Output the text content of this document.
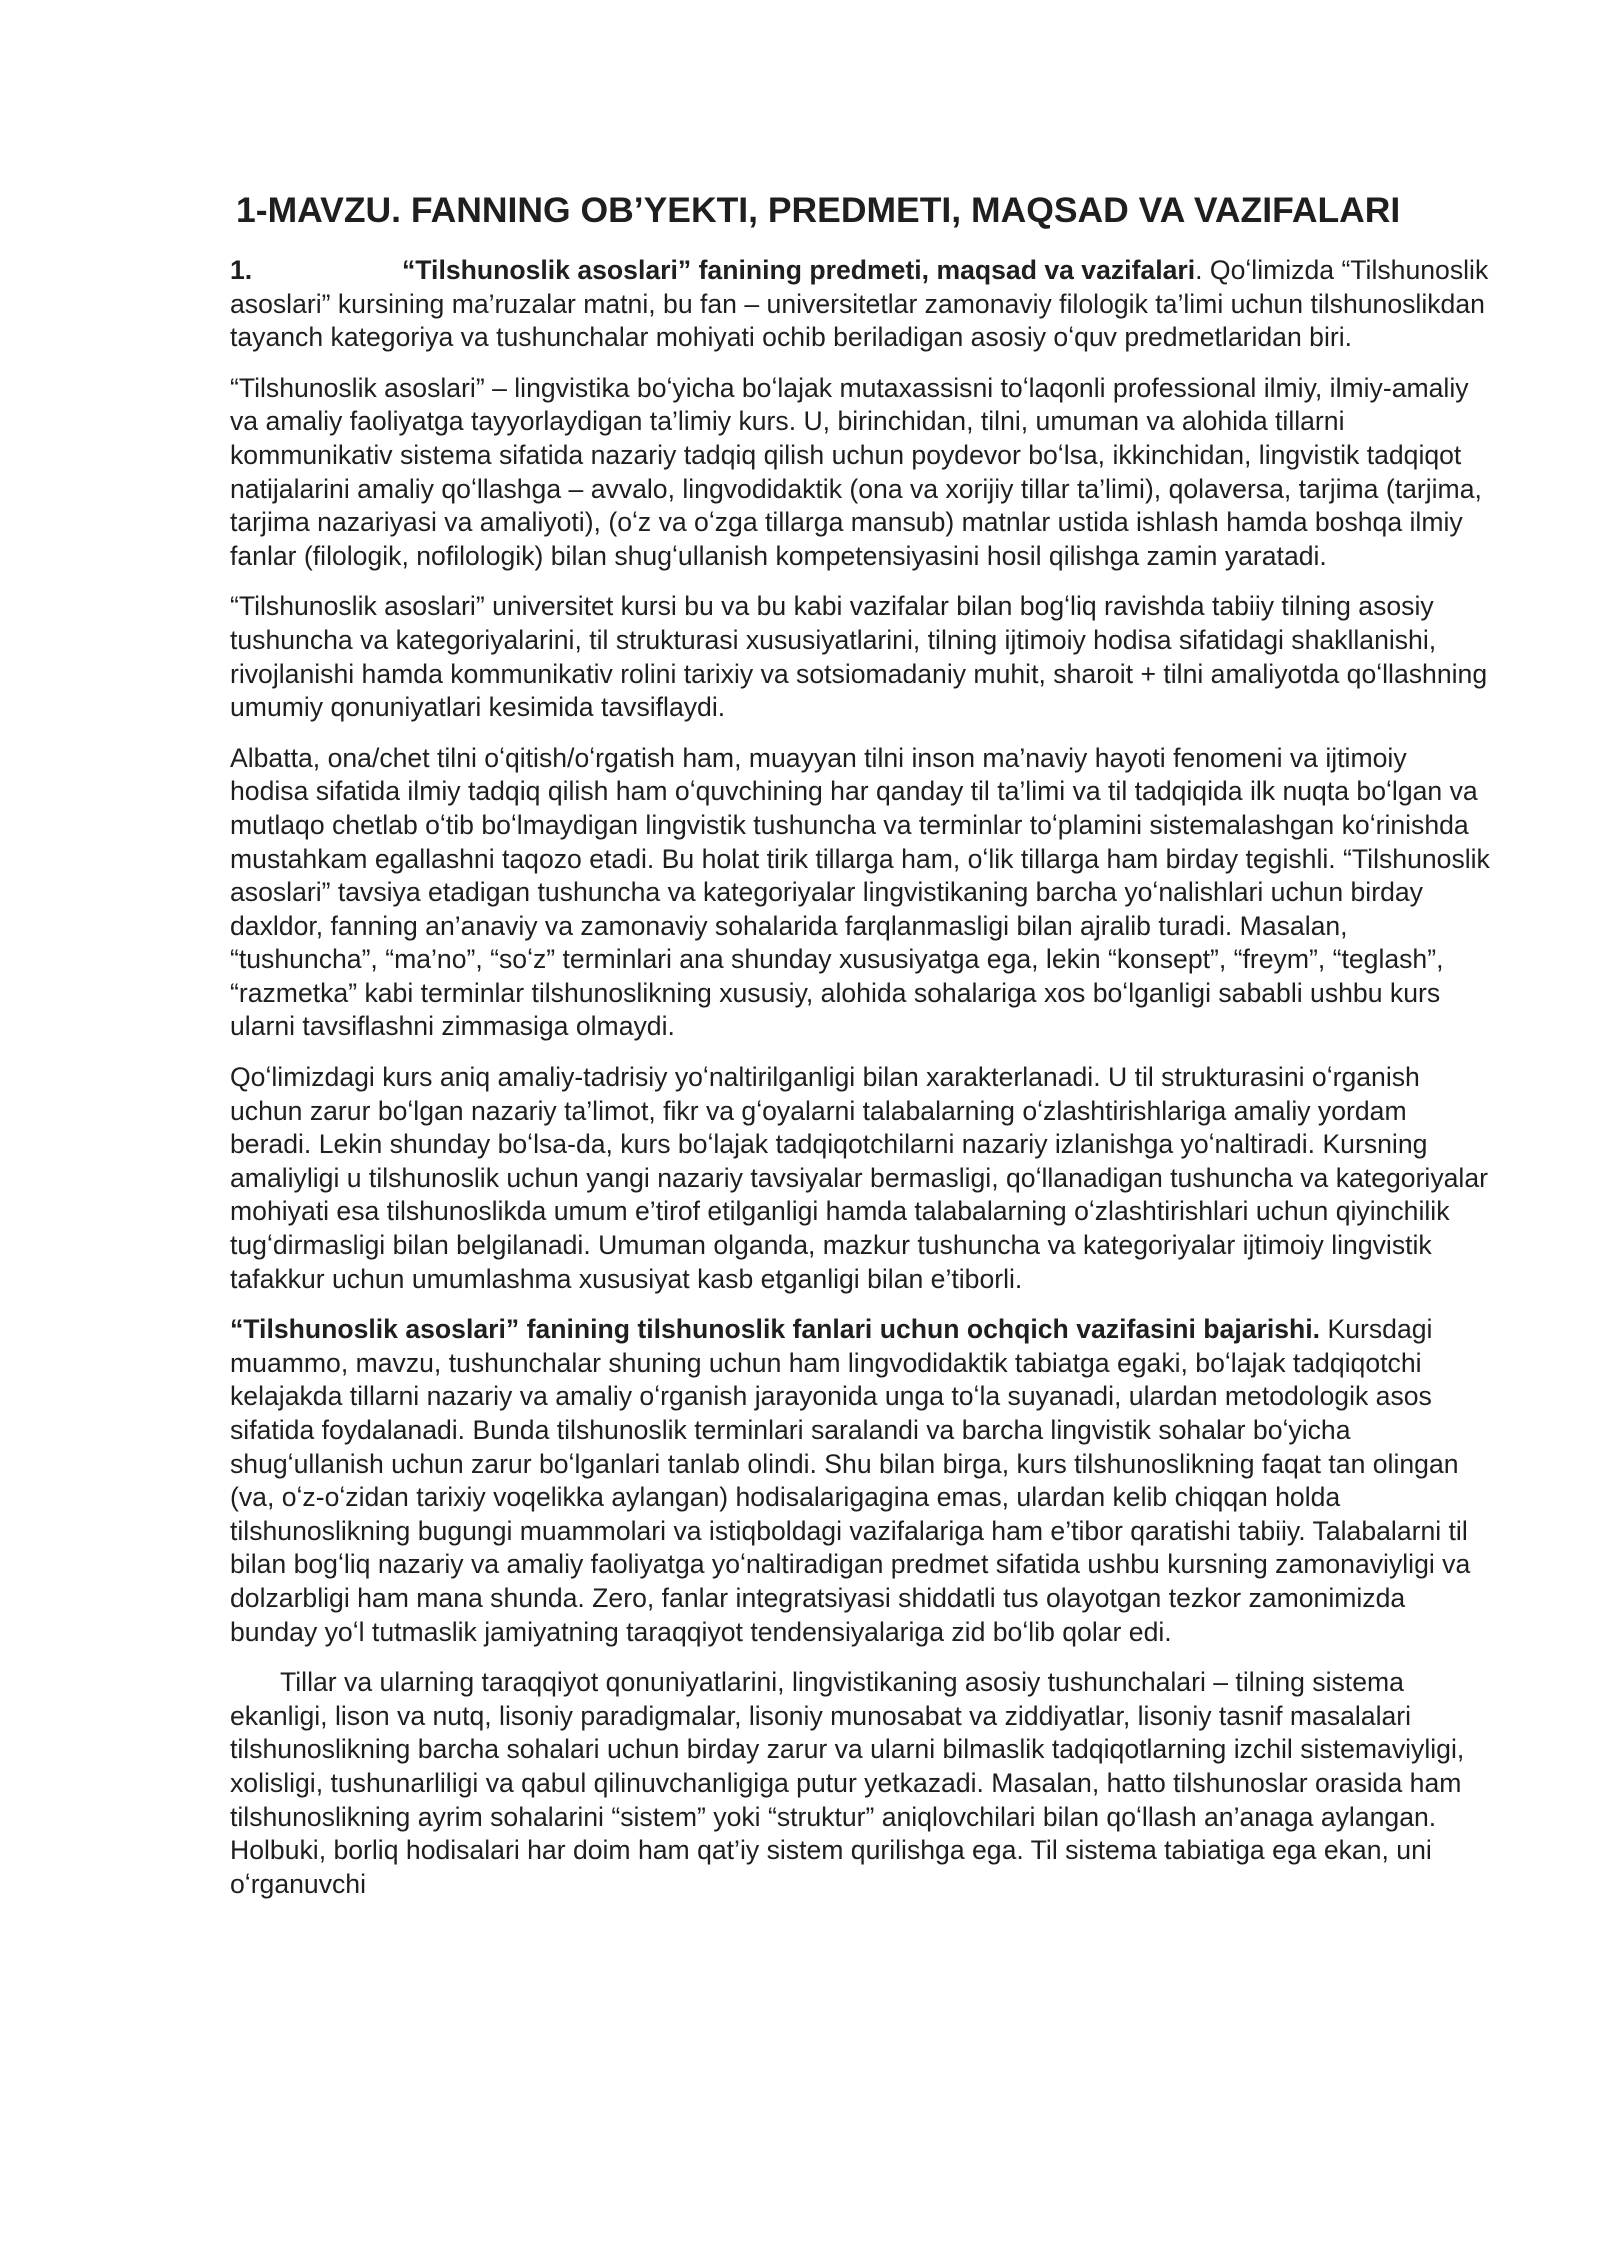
1-MAVZU. FANNING OB’YEKTI, PREDMETI, MAQSAD VA VAZIFALARI

1.	“Tilshunoslik asoslari” fanining predmeti, maqsad va vazifalari. Qoʻlimizda “Tilshunoslik asoslari” kursining ma’ruzalar matni, bu fan – universitetlar zamonaviy filologik ta’limi uchun tilshunoslikdan tayanch kategoriya va tushunchalar mohiyati ochib beriladigan asosiy oʻquv predmetlaridan biri.

“Tilshunoslik asoslari” – lingvistika boʻyicha boʻlajak mutaxassisni toʻlaqonli professional ilmiy, ilmiy-amaliy va amaliy faoliyatga tayyorlaydigan ta’limiy kurs. U, birinchidan, tilni, umuman va alohida tillarni kommunikativ sistema sifatida nazariy tadqiq qilish uchun poydevor boʻlsa, ikkinchidan, lingvistik tadqiqot natijalarini amaliy qoʻllashga – avvalo, lingvodidaktik (ona va xorijiy tillar ta’limi), qolaversa, tarjima (tarjima, tarjima nazariyasi va amaliyoti), (oʻz va oʻzga tillarga mansub) matnlar ustida ishlash hamda boshqa ilmiy fanlar (filologik, nofilologik) bilan shugʻullanish kompetensiyasini hosil qilishga zamin yaratadi.

“Tilshunoslik asoslari” universitet kursi bu va bu kabi vazifalar bilan bogʻliq ravishda tabiiy tilning asosiy tushuncha va kategoriyalarini, til strukturasi xususiyatlarini, tilning ijtimoiy hodisa sifatidagi shakllanishi, rivojlanishi hamda kommunikativ rolini tarixiy va sotsiomadaniy muhit, sharoit + tilni amaliyotda qoʻllashning umumiy qonuniyatlari kesimida tavsiflaydi.

Albatta, ona/chet tilni oʻqitish/oʻrgatish ham, muayyan tilni inson ma’naviy hayoti fenomeni va ijtimoiy hodisa sifatida ilmiy tadqiq qilish ham oʻquvchining har qanday til ta’limi va til tadqiqida ilk nuqta boʻlgan va mutlaqo chetlab oʻtib boʻlmaydigan lingvistik tushuncha va terminlar toʻplamini sistemalashgan koʻrinishda mustahkam egallashni taqozo etadi. Bu holat tirik tillarga ham, oʻlik tillarga ham birday tegishli. “Tilshunoslik asoslari” tavsiya etadigan tushuncha va kategoriyalar lingvistikaning barcha yoʻnalishlari uchun birday daxldor, fanning an’anaviy va zamonaviy sohalarida farqlanmasligi bilan ajralib turadi. Masalan, “tushuncha”, “ma’no”, “soʻz” terminlari ana shunday xususiyatga ega, lekin “konsept”, “freym”, “teglash”, “razmetka” kabi terminlar tilshunoslikning xususiy, alohida sohalariga xos boʻlganligi sababli ushbu kurs ularni tavsiflashni zimmasiga olmaydi.

Qoʻlimizdagi kurs aniq amaliy-tadrisiy yoʻnaltirilganligi bilan xarakterlanadi. U til strukturasini oʻrganish uchun zarur boʻlgan nazariy ta’limot, fikr va gʻoyalarni talabalarning oʻzlashtirishlariga amaliy yordam beradi. Lekin shunday boʻlsa-da, kurs boʻlajak tadqiqotchilarni nazariy izlanishga yoʻnaltiradi. Kursning amaliyligi u tilshunoslik uchun yangi nazariy tavsiyalar bermasligi, qoʻllanadigan tushuncha va kategoriyalar mohiyati esa tilshunoslikda umum e’tirof etilganligi hamda talabalarning oʻzlashtirishlari uchun qiyinchilik tugʻdirmasligi bilan belgilanadi. Umuman olganda, mazkur tushuncha va kategoriyalar ijtimoiy lingvistik tafakkur uchun umumlashma xususiyat kasb etganligi bilan e’tiborli.

“Tilshunoslik asoslari” fanining tilshunoslik fanlari uchun ochqich vazifasini bajarishi. Kursdagi muammo, mavzu, tushunchalar shuning uchun ham lingvodidaktik tabiatga egaki, boʻlajak tadqiqotchi kelajakda tillarni nazariy va amaliy oʻrganish jarayonida unga toʻla suyanadi, ulardan metodologik asos sifatida foydalanadi. Bunda tilshunoslik terminlari saralandi va barcha lingvistik sohalar boʻyicha shugʻullanish uchun zarur boʻlganlari tanlab olindi. Shu bilan birga, kurs tilshunoslikning faqat tan olingan (va, oʻz-oʻzidan tarixiy voqelikka aylangan) hodisalarigagina emas, ulardan kelib chiqqan holda tilshunoslikning bugungi muammolari va istiqboldagi vazifalariga ham e’tibor qaratishi tabiiy. Talabalarni til bilan bogʻliq nazariy va amaliy faoliyatga yoʻnaltiradigan predmet sifatida ushbu kursning zamonaviyligi va dolzarbligi ham mana shunda. Zero, fanlar integratsiyasi shiddatli tus olayotgan tezkor zamonimizda bunday yoʻl tutmaslik jamiyatning taraqqiyot tendensiyalariga zid boʻlib qolar edi.

Tillar va ularning taraqqiyot qonuniyatlarini, lingvistikaning asosiy tushunchalari – tilning sistema ekanligi, lison va nutq, lisoniy paradigmalar, lisoniy munosabat va ziddiyatlar, lisoniy tasnif masalalari tilshunoslikning barcha sohalari uchun birday zarur va ularni bilmaslik tadqiqotlarning izchil sistemaviyligi, xolisligi, tushunarliligi va qabul qilinuvchanligiga putur yetkazadi. Masalan, hatto tilshunoslar orasida ham tilshunoslikning ayrim sohalarini “sistem” yoki “struktur” aniqlovchilari bilan qoʻllash an’anaga aylangan. Holbuki, borliq hodisalari har doim ham qat’iy sistem qurilishga ega. Til sistema tabiatiga ega ekan, uni oʻrganuvchi
